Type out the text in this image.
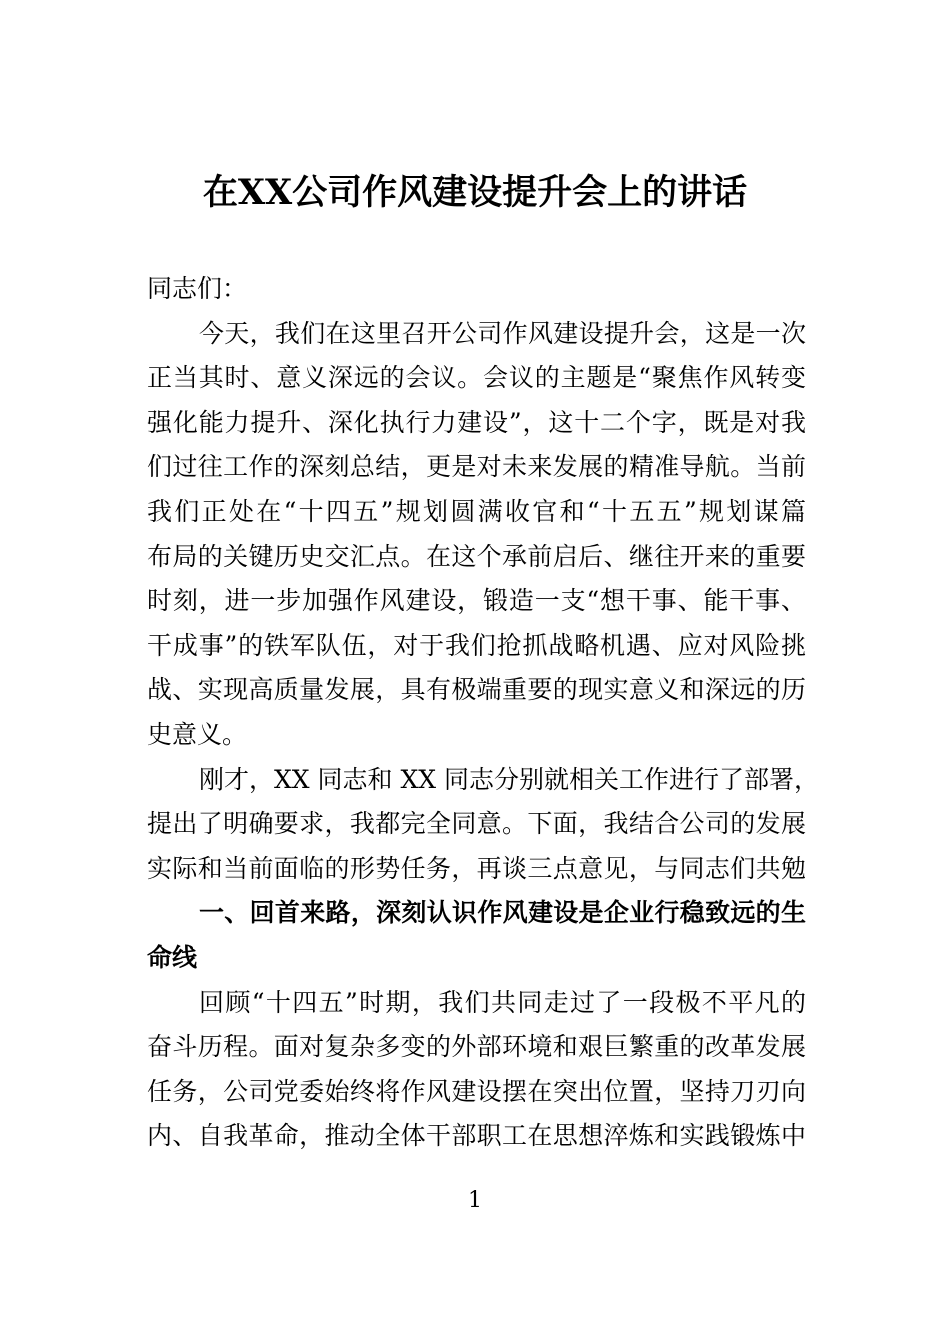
在XX公司作风建设提升会上的讲话
同志们：
今天，我们在这里召开公司作风建设提升会，这是一次
正当其时、意义深远的会议。会议的主题是“聚焦作风转变
强化能力提升、深化执行力建设”，这十二个字，既是对我
们过往工作的深刻总结，更是对未来发展的精准导航。当前
我们正处在“十四五”规划圆满收官和“十五五”规划谋篇
布局的关键历史交汇点。在这个承前启后、继往开来的重要
时刻，进一步加强作风建设，锻造一支“想干事、能干事、
干成事”的铁军队伍，对于我们抢抓战略机遇、应对风险挑
战、实现高质量发展，具有极端重要的现实意义和深远的历
史意义。
刚才，XX 同志和 XX 同志分别就相关工作进行了部署，
提出了明确要求，我都完全同意。下面，我结合公司的发展
实际和当前面临的形势任务，再谈三点意见，与同志们共勉
一、回首来路，深刻认识作风建设是企业行稳致远的生
命线
回顾“十四五”时期，我们共同走过了一段极不平凡的
奋斗历程。面对复杂多变的外部环境和艰巨繁重的改革发展
任务，公司党委始终将作风建设摆在突出位置，坚持刀刃向
内、自我革命，推动全体干部职工在思想淬炼和实践锻炼中
1
